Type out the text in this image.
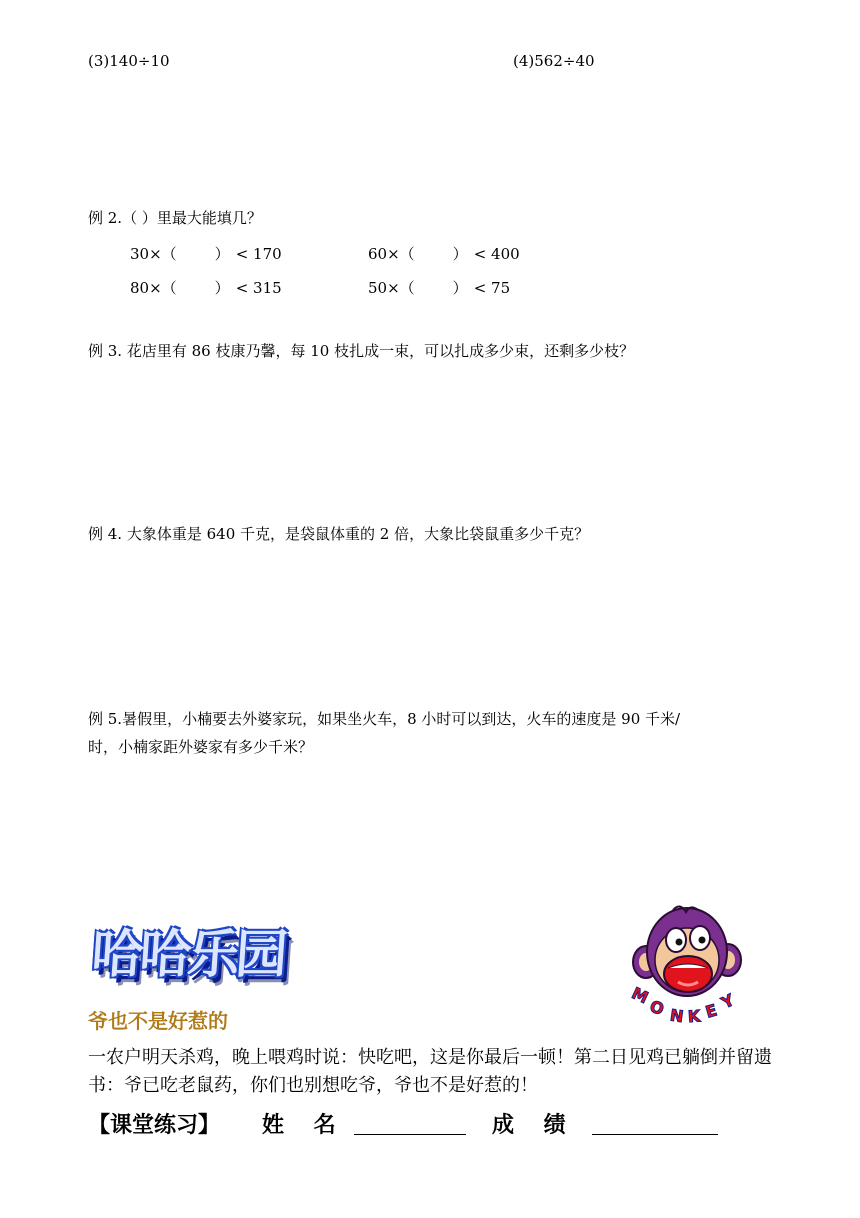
(3)140÷10	(4)562÷40
例 2.（ ）里最大能填几？
30×（	） < 170	60×（	） < 400
80×（	） < 315	50×（	） < 75
例 3. 花店里有 86 枝康乃馨，每 10 枝扎成一束，可以扎成多少束，还剩多少枝？
例 4. 大象体重是 640 千克，是袋鼠体重的 2 倍，大象比袋鼠重多少千克？
例 5.暑假里，小楠要去外婆家玩，如果坐火车，8 小时可以到达，火车的速度是 90 千米/
时，小楠家距外婆家有多少千米？
哈哈乐园
M
O N K E Y
爷也不是好惹的
一农户明天杀鸡，晚上喂鸡时说：快吃吧，这是你最后一顿！第二日见鸡已躺倒并留遗书：爷已吃老鼠药，你们也别想吃爷，爷也不是好惹的！
【课堂练习】 姓　 名	成　 绩
